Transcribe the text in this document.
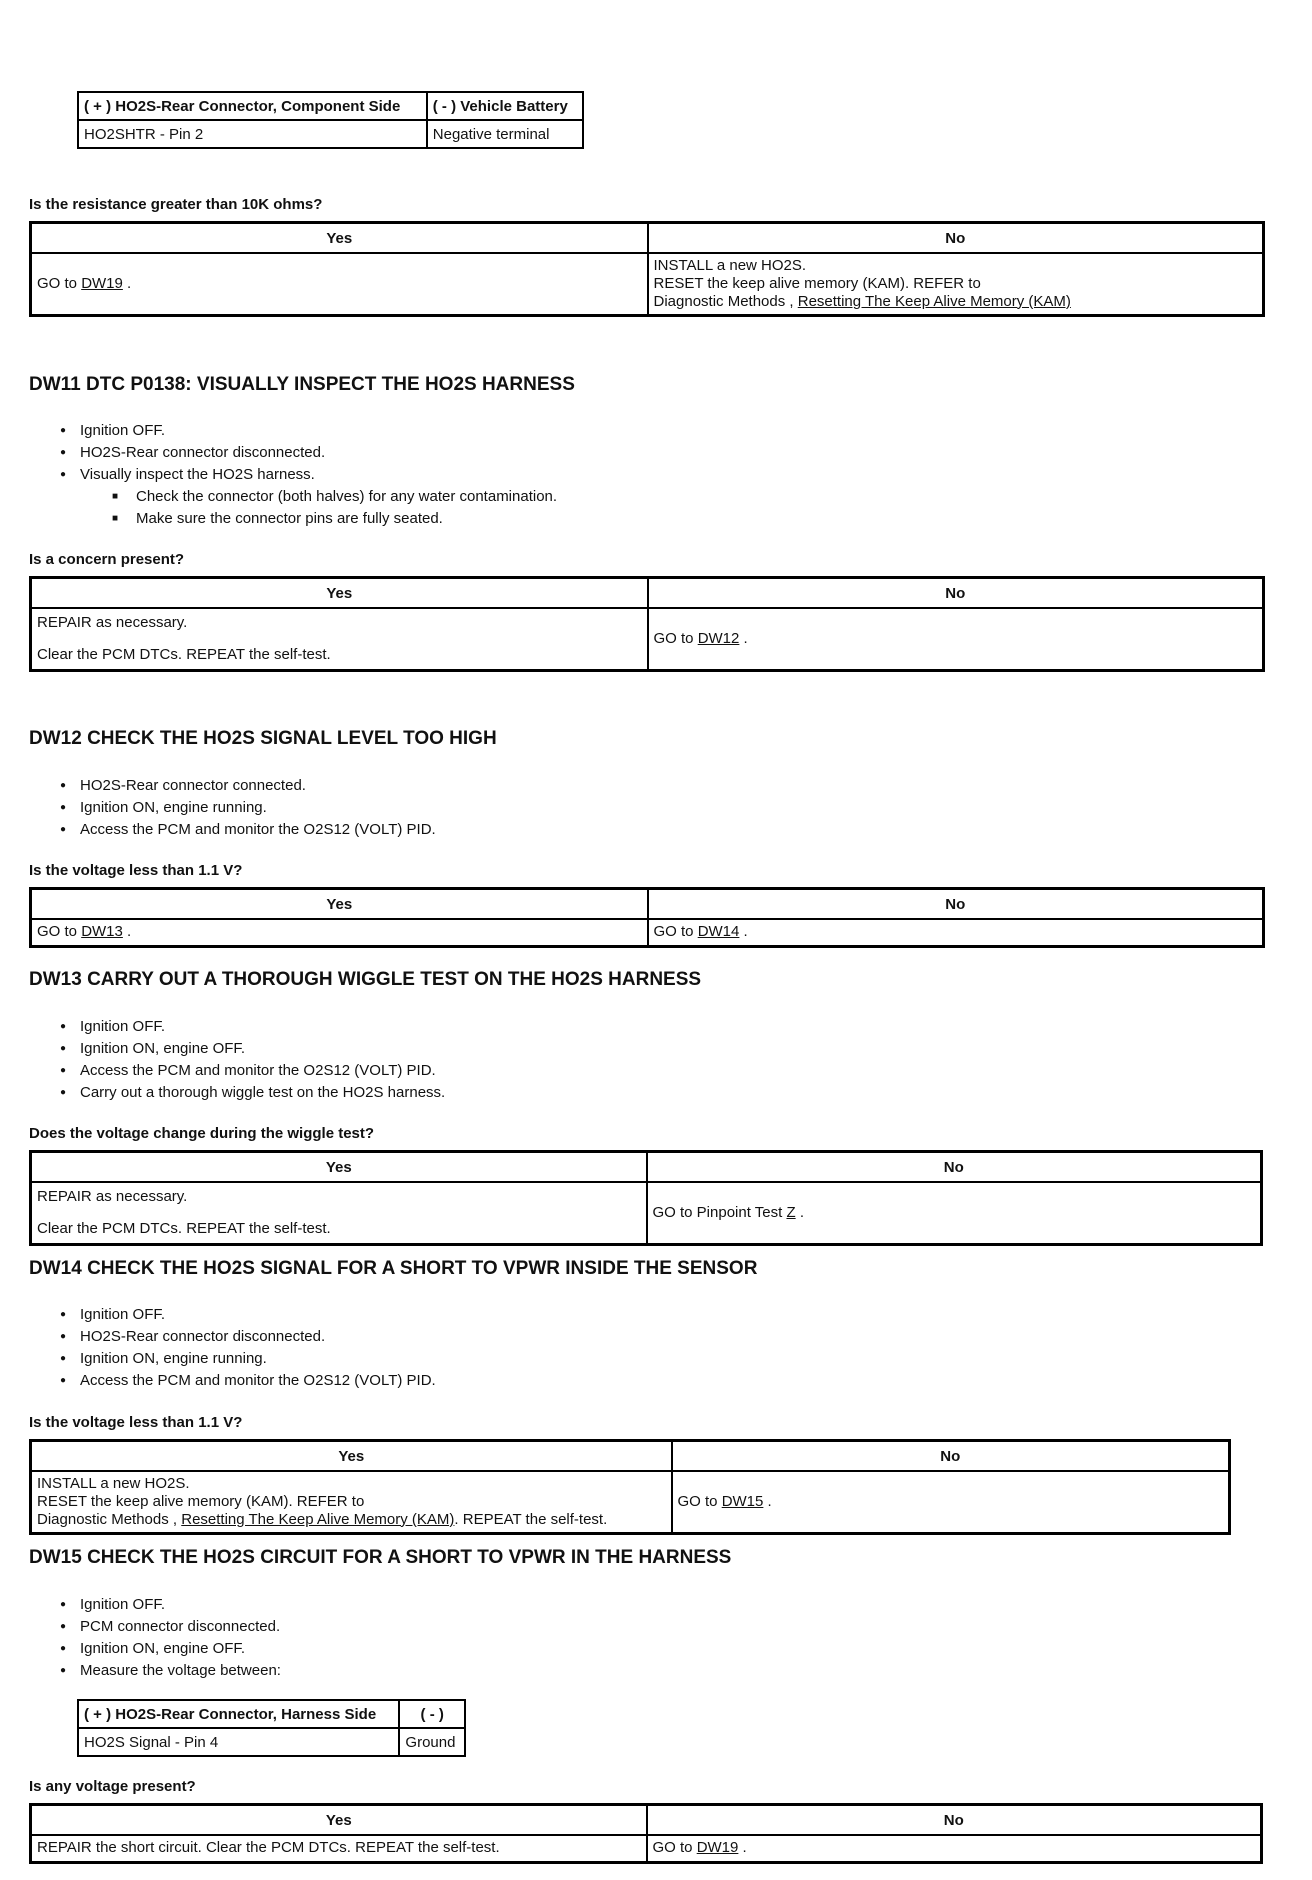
( + ) HO2S-Rear Connector, Component Side	( - ) Vehicle Battery
HO2SHTR - Pin 2	Negative terminal
Is the resistance greater than 10K ohms?
Yes	No
GO to DW19 .	INSTALL a new HO2S.
RESET the keep alive memory (KAM). REFER to
Diagnostic Methods , Resetting The Keep Alive Memory (KAM)
DW11 DTC P0138: VISUALLY INSPECT THE HO2S HARNESS
● Ignition OFF.
● HO2S-Rear connector disconnected.
● Visually inspect the HO2S harness.
■ Check the connector (both halves) for any water contamination.
■ Make sure the connector pins are fully seated.
Is a concern present?
Yes	No

REPAIR as necessary.
Clear the PCM DTCs. REPEAT the self-test.	GO to DW12 .
DW12 CHECK THE HO2S SIGNAL LEVEL TOO HIGH
● HO2S-Rear connector connected.
● Ignition ON, engine running.
● Access the PCM and monitor the O2S12 (VOLT) PID.
Is the voltage less than 1.1 V?
Yes	No
GO to DW13 .	GO to DW14 .
DW13 CARRY OUT A THOROUGH WIGGLE TEST ON THE HO2S HARNESS
● Ignition OFF.
● Ignition ON, engine OFF.
● Access the PCM and monitor the O2S12 (VOLT) PID.
● Carry out a thorough wiggle test on the HO2S harness.
Does the voltage change during the wiggle test?
Yes	No

REPAIR as necessary.
Clear the PCM DTCs. REPEAT the self-test.	GO to Pinpoint Test Z .
DW14 CHECK THE HO2S SIGNAL FOR A SHORT TO VPWR INSIDE THE SENSOR
● Ignition OFF.
● HO2S-Rear connector disconnected.
● Ignition ON, engine running.
● Access the PCM and monitor the O2S12 (VOLT) PID.
Is the voltage less than 1.1 V?
Yes	No

INSTALL a new HO2S.
RESET the keep alive memory (KAM). REFER to
Diagnostic Methods , Resetting The Keep Alive Memory (KAM). REPEAT the self-test.	GO to DW15 .
DW15 CHECK THE HO2S CIRCUIT FOR A SHORT TO VPWR IN THE HARNESS
● Ignition OFF.
● PCM connector disconnected.
● Ignition ON, engine OFF.
● Measure the voltage between:
( + ) HO2S-Rear Connector, Harness Side	( - )
HO2S Signal - Pin 4	Ground
Is any voltage present?
Yes	No
REPAIR the short circuit. Clear the PCM DTCs. REPEAT the self-test.	GO to DW19 .
